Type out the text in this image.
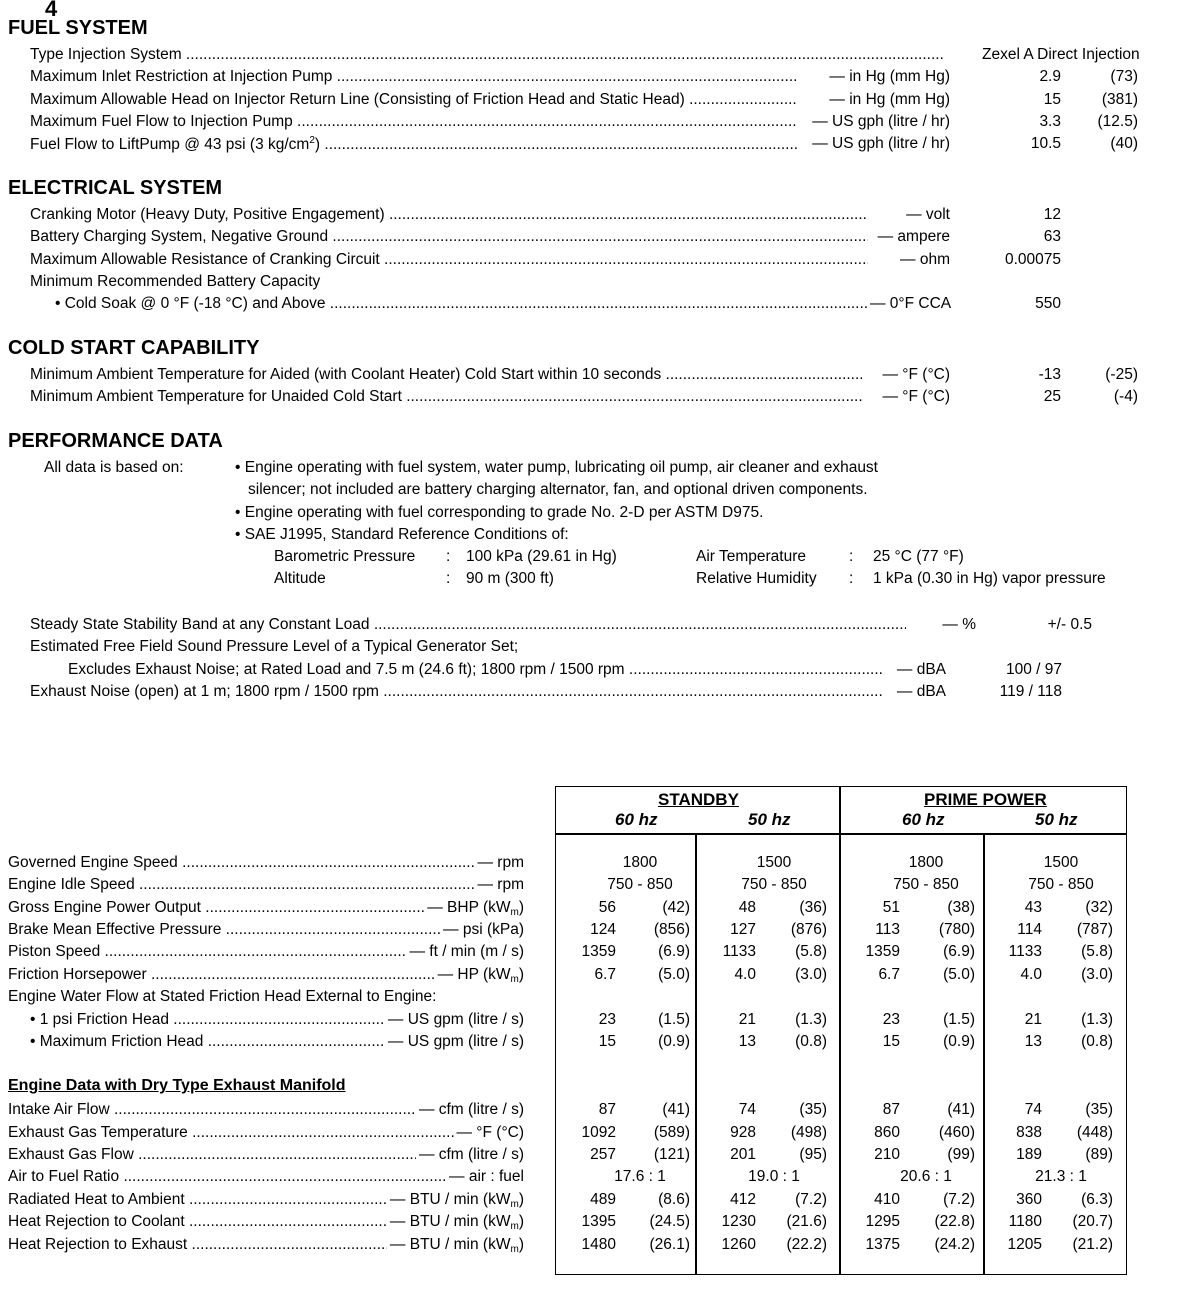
4
FUEL SYSTEM
Type Injection System .....	Zexel A Direct Injection
Maximum Inlet Restriction at Injection Pump .....	— in Hg (mm Hg)	2.9	(73)
Maximum Allowable Head on Injector Return Line (Consisting of Friction Head and Static Head) .....	— in Hg (mm Hg)	15	(381)
Maximum Fuel Flow to Injection Pump .....	— US gph (litre / hr)	3.3	(12.5)
Fuel Flow to LiftPump @ 43 psi (3 $kg/cm^2$) .....	— US gph (litre / hr)	10.5	(40)
ELECTRICAL SYSTEM
Cranking Motor (Heavy Duty, Positive Engagement) .....	— volt	12
Battery Charging System, Negative Ground .....	— ampere	63
Maximum Allowable Resistance of Cranking Circuit .....	— ohm	0.00075
Minimum Recommended Battery Capacity
• Cold Soak @ 0 °F (-18 °C) and Above .....	— 0°F CCA	550
COLD START CAPABILITY
Minimum Ambient Temperature for Aided (with Coolant Heater) Cold Start within 10 seconds .....	— °F (°C)	-13	(-25)
Minimum Ambient Temperature for Unaided Cold Start .....	— °F (°C)	25	(-4)
PERFORMANCE DATA
All data is based on:	• Engine operating with fuel system, water pump, lubricating oil pump, air cleaner and exhaust
silencer; not included are battery charging alternator, fan, and optional driven components.
• Engine operating with fuel corresponding to grade No. 2-D per ASTM D975.
• SAE J1995, Standard Reference Conditions of:
Barometric Pressure : 100 kPa (29.61 in Hg)	Air Temperature	: 25 °C (77 °F)
Altitude	: 90 m (300 ft)	Relative Humidity : 1 kPa (0.30 in Hg) vapor pressure
Steady State Stability Band at any Constant Load .....	— %	+/- 0.5
Estimated Free Field Sound Pressure Level of a Typical Generator Set;
Excludes Exhaust Noise; at Rated Load and 7.5 m (24.6 ft); 1800 rpm / 1500 rpm .....	— dBA	100 / 97
Exhaust Noise (open) at 1 m; 1800 rpm / 1500 rpm .....	— dBA	119 / 118
STANDBY	PRIME POWER
60 hz	50 hz	60 hz	50 hz
Engine Water Flow at Stated Friction Head External to Engine:
Engine Data with Dry Type Exhaust Manifold
Governed Engine Speed	— rpm
.....	1800	1500	1800	1500
Engine Idle Speed	— rpm
.....	750 - 850	750 - 850	750 - 850	750 - 850
Gross Engine Power Output	— BHP $(kW_m)$
.....	56	(42)	48	(36)	51	(38)	43	(32)
Brake Mean Effective Pressure	— psi (kPa)
.....	124	(856)	127	(876)	113	(780)	114	(787)
Piston Speed	— ft / min (m / s)
.....	1359	(6.9)	1133	(5.8)	1359	(6.9)	1133	(5.8)
Friction Horsepower	— HP $(kW_m)$
.....	6.7	(5.0)	4.0	(3.0)	6.7	(5.0)	4.0	(3.0)
• 1 psi Friction Head	— US gpm (litre / s)
.....	23	(1.5)	21	(1.3)	23	(1.5)	21	(1.3)
• Maximum Friction Head	— US gpm (litre / s)
.....	15	(0.9)	13	(0.8)	15	(0.9)	13	(0.8)
Intake Air Flow	— cfm (litre / s)
.....	87	(41)	74	(35)	87	(41)	74	(35)
Exhaust Gas Temperature	— °F (°C)
.....	1092	(589)	928	(498)	860	(460)	838	(448)
Exhaust Gas Flow	— cfm (litre / s)
.....	257	(121)	201	(95)	210	(99)	189	(89)
Air to Fuel Ratio	— air : fuel
.....	17.6 : 1	19.0 : 1	20.6 : 1	21.3 : 1
Radiated Heat to Ambient	— BTU / $\min (kW_m)$
.....	489	(8.6)	412	(7.2)	410	(7.2)	360	(6.3)
Heat Rejection to Coolant	— BTU / $\min (kW_m)$
.....	1395	(24.5)	1230	(21.6)	1295	(22.8)	1180	(20.7)
Heat Rejection to Exhaust	— BTU / $\min (kW_m)$
.....	1480	(26.1)	1260	(22.2)	1375	(24.2)	1205	(21.2)
